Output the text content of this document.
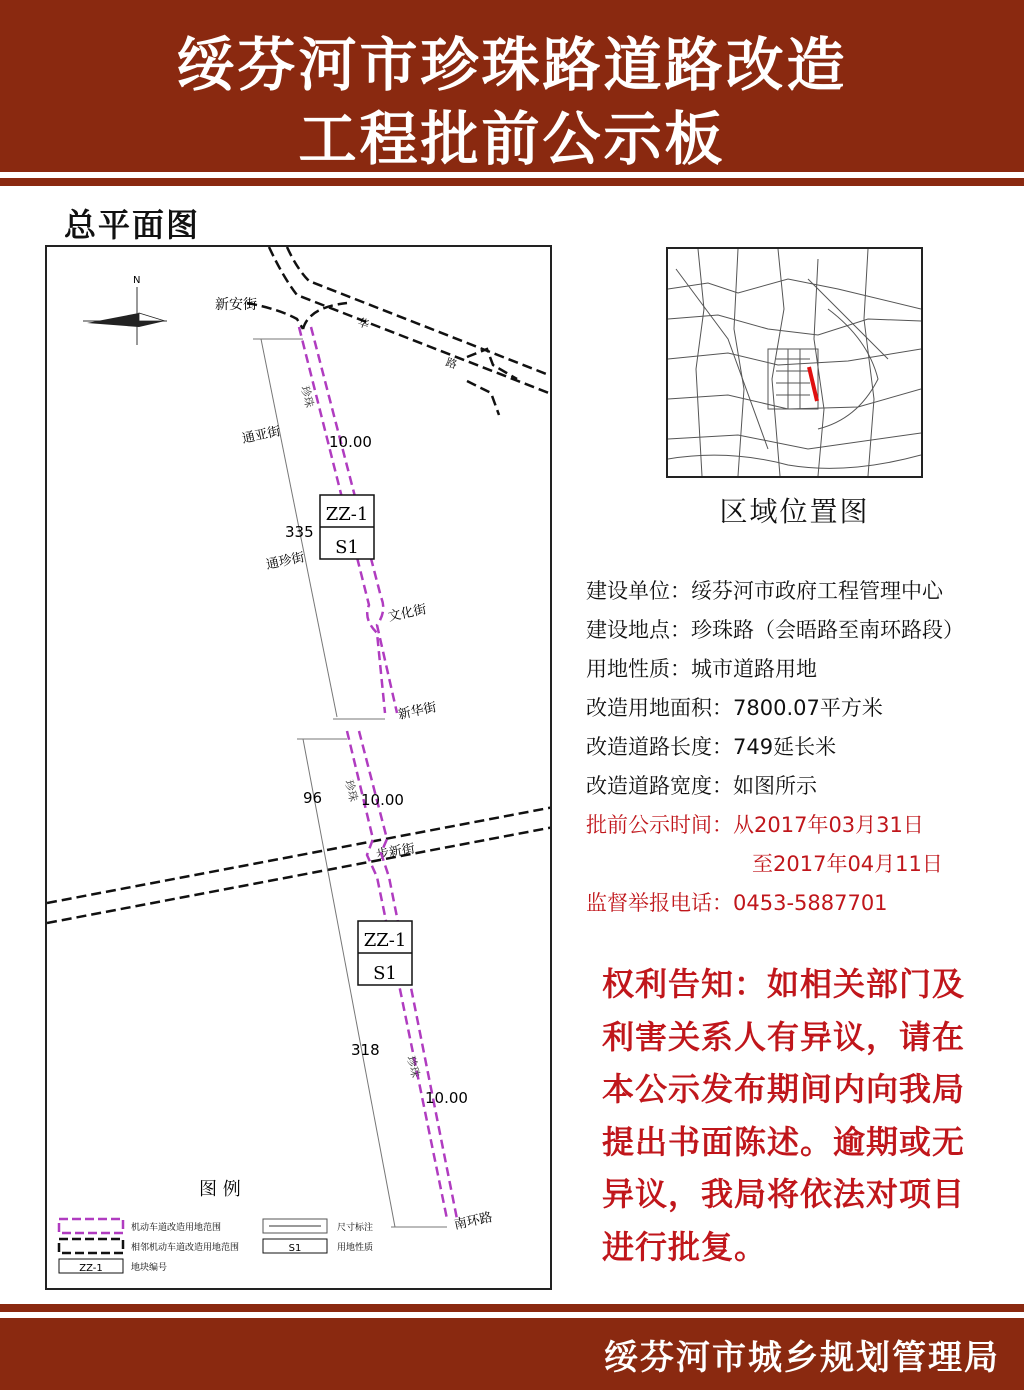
绥芬河市珍珠路道路改造
工程批前公示板
总平面图
N
新安街
华
路
步新街
珍珠
珍珠
珍珠
通亚街
通珍街
文化街
新华街
南环路
10.00
10.00
10.00
335
96
318
ZZ-1
S1
ZZ-1
S1
图 例
机动车道改造用地范围	尺寸标注
相邻机动车道改造用地范围	S1	用地性质
ZZ-1	地块编号
区域位置图
建设单位：绥芬河市政府工程管理中心
建设地点：珍珠路（会晤路至南环路段）
用地性质：城市道路用地
改造用地面积：7800.07平方米
改造道路长度：749延长米
改造道路宽度：如图所示
批前公示时间：从2017年03月31日
至2017年04月11日
监督举报电话：0453-5887701
权利告知：如相关部门及
利害关系人有异议，请在
本公示发布期间内向我局
提出书面陈述。逾期或无
异议，我局将依法对项目
进行批复。
绥芬河市城乡规划管理局
